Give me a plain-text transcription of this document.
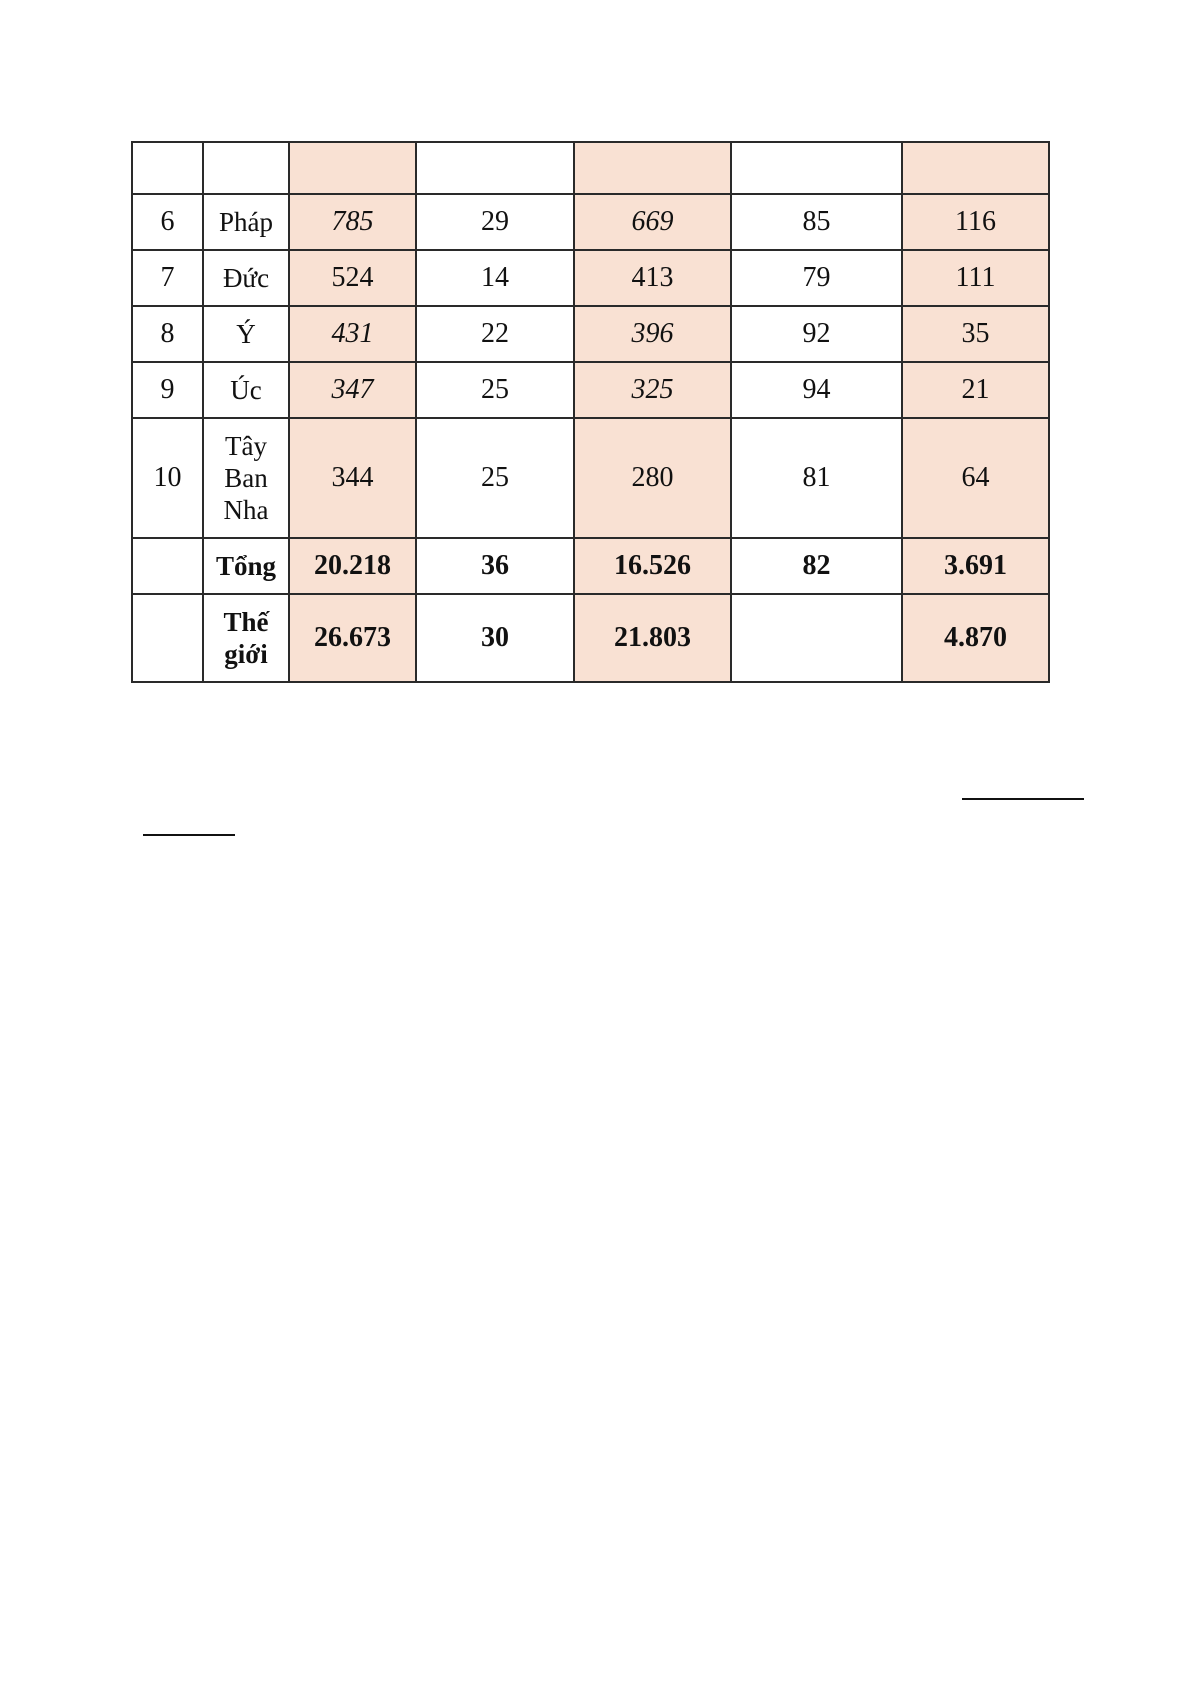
6	Pháp	785	29	669	85	116
7	Đức	524	14	413	79	111
8	Ý	431	22	396	92	35
9	Úc	347	25	325	94	21
10	Tây Ban Nha	344	25	280	81	64
	Tổng	20.218	36	16.526	82	3.691
	Thế giới	26.673	30	21.803		4.870
